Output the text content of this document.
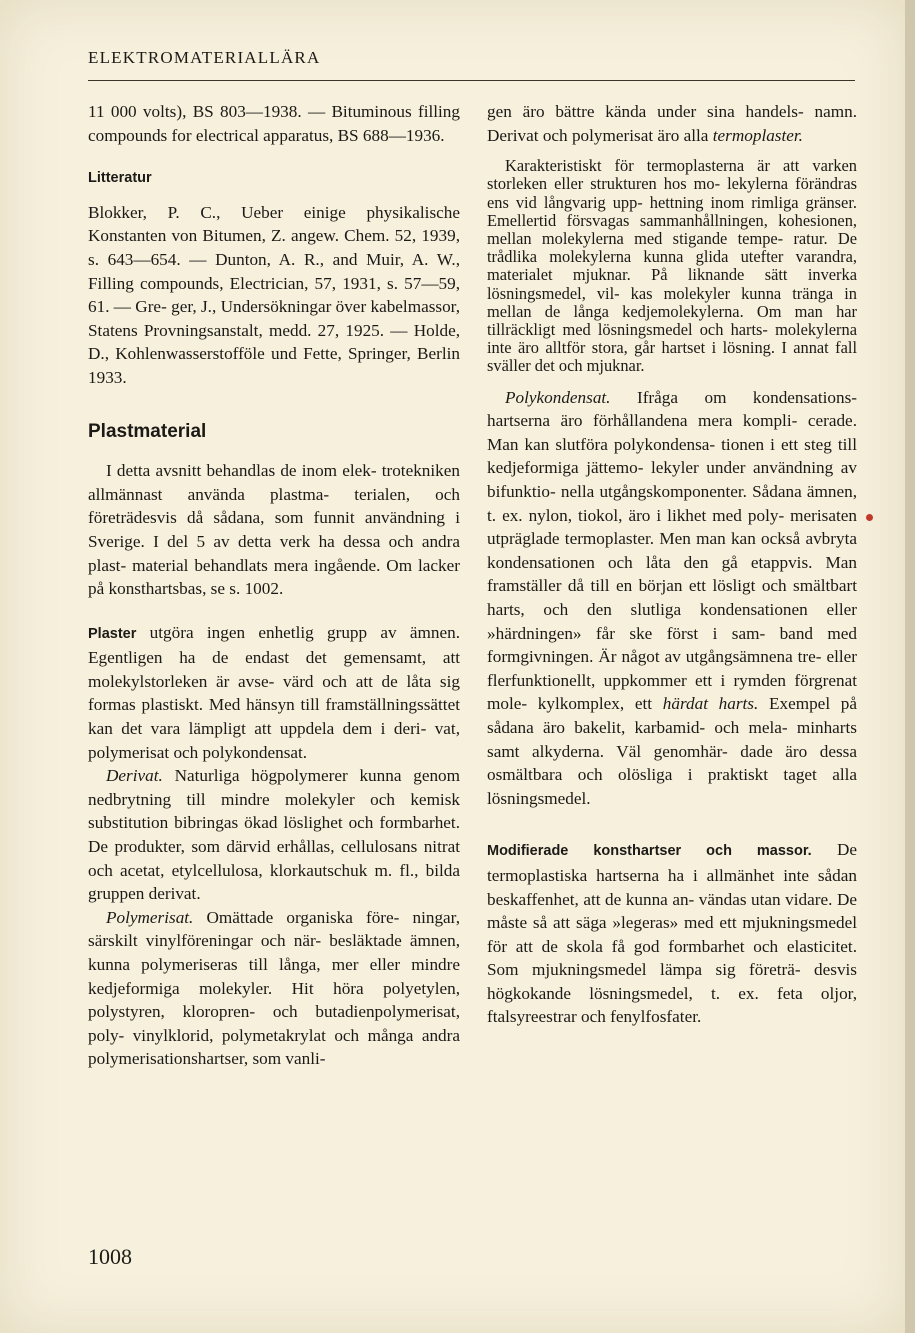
ELEKTROMATERIALLÄRA

11 000 volts), BS 803—1938. — Bituminous filling compounds for electrical apparatus, BS 688—1936.

Litteratur

Blokker, P. C., Ueber einige physikalische Konstanten von Bitumen, Z. angew. Chem. 52, 1939, s. 643—654. — Dunton, A. R., and Muir, A. W., Filling compounds, Electrician, 57, 1931, s. 57—59, 61. — Gre- ger, J., Undersökningar över kabelmassor, Statens Provningsanstalt, medd. 27, 1925. — Holde, D., Kohlenwasserstofföle und Fette, Springer, Berlin 1933.

Plastmaterial

I detta avsnitt behandlas de inom elek- trotekniken allmännast använda plastma- terialen, och företrädesvis då sådana, som funnit användning i Sverige. I del 5 av detta verk ha dessa och andra plast- material behandlats mera ingående. Om lacker på konsthartsbas, se s. 1002.

Plaster utgöra ingen enhetlig grupp av ämnen. Egentligen ha de endast det gemensamt, att molekylstorleken är avse- värd och att de låta sig formas plastiskt. Med hänsyn till framställningssättet kan det vara lämpligt att uppdela dem i deri- vat, polymerisat och polykondensat.

Derivat. Naturliga högpolymerer kunna genom nedbrytning till mindre molekyler och kemisk substitution bibringas ökad löslighet och formbarhet. De produkter, som därvid erhållas, cellulosans nitrat och acetat, etylcellulosa, klorkautschuk m. fl., bilda gruppen derivat.

Polymerisat. Omättade organiska före- ningar, särskilt vinylföreningar och när- besläktade ämnen, kunna polymeriseras till långa, mer eller mindre kedjeformiga molekyler. Hit höra polyetylen, polystyren, kloropren- och butadienpolymerisat, poly- vinylklorid, polymetakrylat och många andra polymerisationshartser, som vanli-

gen äro bättre kända under sina handels- namn. Derivat och polymerisat äro alla termoplaster.

Karakteristiskt för termoplasterna är att varken storleken eller strukturen hos mo- lekylerna förändras ens vid långvarig upp- hettning inom rimliga gränser. Emellertid försvagas sammanhållningen, kohesionen, mellan molekylerna med stigande tempe- ratur. De trådlika molekylerna kunna glida utefter varandra, materialet mjuknar. På liknande sätt inverka lösningsmedel, vil- kas molekyler kunna tränga in mellan de långa kedjemolekylerna. Om man har tillräckligt med lösningsmedel och harts- molekylerna inte äro alltför stora, går hartset i lösning. I annat fall sväller det och mjuknar.

Polykondensat. Ifråga om kondensations- hartserna äro förhållandena mera kompli- cerade. Man kan slutföra polykondensa- tionen i ett steg till kedjeformiga jättemo- lekyler under användning av bifunktio- nella utgångskomponenter. Sådana ämnen, t. ex. nylon, tiokol, äro i likhet med poly- merisaten utpräglade termoplaster. Men man kan också avbryta kondensationen och låta den gå etappvis. Man framställer då till en början ett lösligt och smältbart harts, och den slutliga kondensationen eller »härdningen» får ske först i sam- band med formgivningen. Är något av utgångsämnena tre- eller flerfunktionellt, uppkommer ett i rymden förgrenat mole- kylkomplex, ett härdat harts. Exempel på sådana äro bakelit, karbamid- och mela- minharts samt alkyderna. Väl genomhär- dade äro dessa osmältbara och olösliga i praktiskt taget alla lösningsmedel.

Modifierade konsthartser och massor. De termoplastiska hartserna ha i allmänhet inte sådan beskaffenhet, att de kunna an- vändas utan vidare. De måste så att säga »legeras» med ett mjukningsmedel för att de skola få god formbarhet och elasticitet. Som mjukningsmedel lämpa sig företrä- desvis högkokande lösningsmedel, t. ex. feta oljor, ftalsyreestrar och fenylfosfater.

1008
